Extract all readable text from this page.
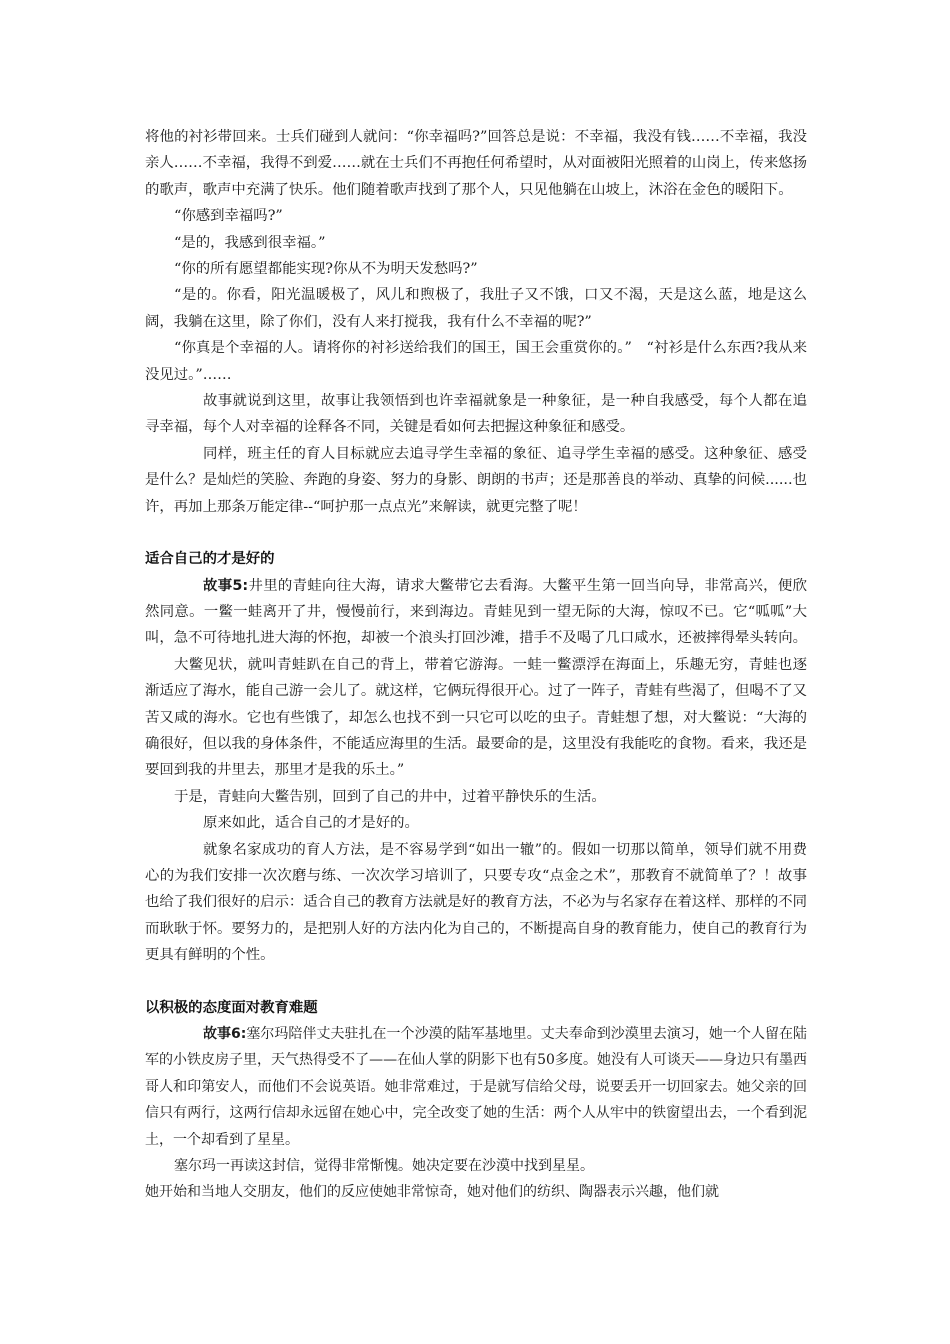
将他的衬衫带回来。士兵们碰到人就问：“你幸福吗?”回答总是说：不幸福，我没有钱……不幸福，我没亲人……不幸福，我得不到爱……就在士兵们不再抱任何希望时，从对面被阳光照着的山岗上，传来悠扬的歌声，歌声中充满了快乐。他们随着歌声找到了那个人，只见他躺在山坡上，沐浴在金色的暖阳下。

“你感到幸福吗?”

“是的，我感到很幸福。”

“你的所有愿望都能实现?你从不为明天发愁吗?”

“是的。你看，阳光温暖极了，风儿和煦极了，我肚子又不饿，口又不渴，天是这么蓝，地是这么阔，我躺在这里，除了你们，没有人来打搅我，我有什么不幸福的呢?”

“你真是个幸福的人。请将你的衬衫送给我们的国王，国王会重赏你的。”　“衬衫是什么东西?我从来没见过。”……

故事就说到这里，故事让我领悟到也许幸福就象是一种象征，是一种自我感受，每个人都在追寻幸福，每个人对幸福的诠释各不同，关键是看如何去把握这种象征和感受。

同样，班主任的育人目标就应去追寻学生幸福的象征、追寻学生幸福的感受。这种象征、感受是什么？是灿烂的笑脸、奔跑的身姿、努力的身影、朗朗的书声；还是那善良的举动、真挚的问候......也许，再加上那条万能定律--“呵护那一点点光”来解读，就更完整了呢！

适合自己的才是好的

故事5:井里的青蛙向往大海，请求大鳖带它去看海。大鳖平生第一回当向导，非常高兴，便欣然同意。一鳖一蛙离开了井，慢慢前行，来到海边。青蛙见到一望无际的大海，惊叹不已。它“呱呱”大叫，急不可待地扎进大海的怀抱，却被一个浪头打回沙滩，措手不及喝了几口咸水，还被摔得晕头转向。

大鳖见状，就叫青蛙趴在自己的背上，带着它游海。一蛙一鳖漂浮在海面上，乐趣无穷，青蛙也逐渐适应了海水，能自己游一会儿了。就这样，它俩玩得很开心。过了一阵子，青蛙有些渴了，但喝不了又苦又咸的海水。它也有些饿了，却怎么也找不到一只它可以吃的虫子。青蛙想了想，对大鳖说：“大海的确很好，但以我的身体条件，不能适应海里的生活。最要命的是，这里没有我能吃的食物。看来，我还是要回到我的井里去，那里才是我的乐土。”

于是，青蛙向大鳖告别，回到了自己的井中，过着平静快乐的生活。

原来如此，适合自己的才是好的。

就象名家成功的育人方法，是不容易学到“如出一辙”的。假如一切那以简单，领导们就不用费心的为我们安排一次次磨与练、一次次学习培训了，只要专攻“点金之术”，那教育不就简单了？！故事也给了我们很好的启示：适合自己的教育方法就是好的教育方法，不必为与名家存在着这样、那样的不同而耿耿于怀。要努力的，是把别人好的方法内化为自己的，不断提高自身的教育能力，使自己的教育行为更具有鲜明的个性。

以积极的态度面对教育难题

故事6:塞尔玛陪伴丈夫驻扎在一个沙漠的陆军基地里。丈夫奉命到沙漠里去演习，她一个人留在陆军的小铁皮房子里，天气热得受不了——在仙人掌的阴影下也有50多度。她没有人可谈天——身边只有墨西哥人和印第安人，而他们不会说英语。她非常难过，于是就写信给父母，说要丢开一切回家去。她父亲的回信只有两行，这两行信却永远留在她心中，完全改变了她的生活：两个人从牢中的铁窗望出去，一个看到泥土，一个却看到了星星。

塞尔玛一再读这封信，觉得非常惭愧。她决定要在沙漠中找到星星。

她开始和当地人交朋友，他们的反应使她非常惊奇，她对他们的纺织、陶器表示兴趣，他们就
